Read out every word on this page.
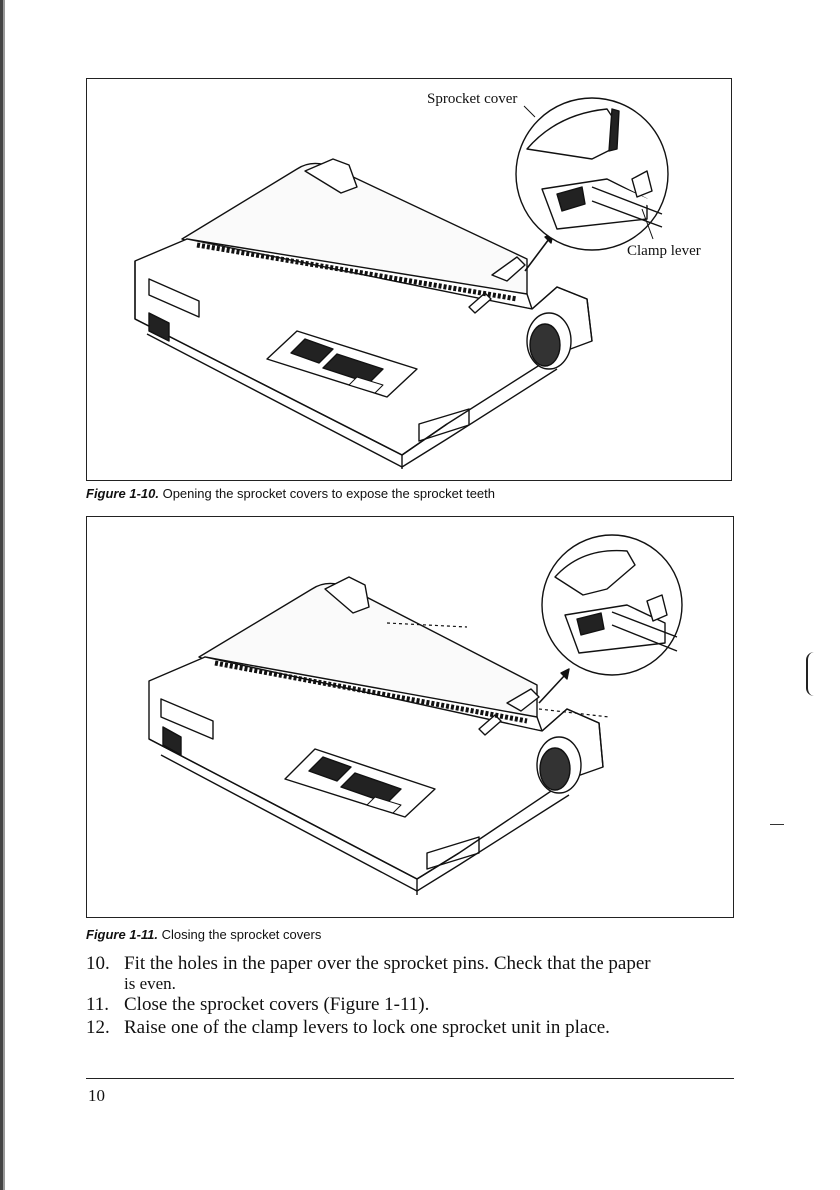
Sprocket cover
Clamp lever
Figure 1-10. Opening the sprocket covers to expose the sprocket teeth
Figure 1-11. Closing the sprocket covers
10. Fit the holes in the paper over the sprocket pins. Check that the paper
is even.
11. Close the sprocket covers (Figure 1-11).
12. Raise one of the clamp levers to lock one sprocket unit in place.
10
